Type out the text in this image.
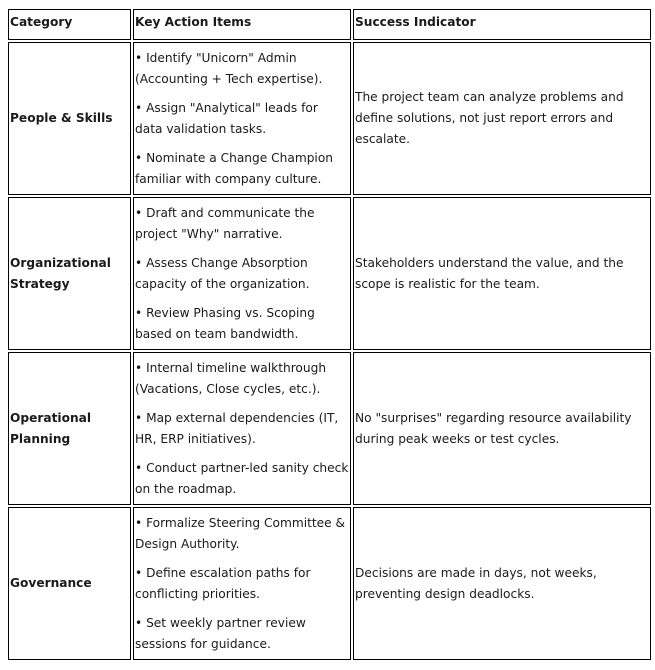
Category	Key Action Items	Success Indicator
People & Skills	• Identify "Unicorn" Admin (Accounting + Tech expertise).

• Assign "Analytical" leads for data validation tasks.

• Nominate a Change Champion familiar with company culture.	The project team can analyze problems and define solutions, not just report errors and escalate.
Organizational Strategy	• Draft and communicate the project "Why" narrative.

• Assess Change Absorption capacity of the organization.

• Review Phasing vs. Scoping based on team bandwidth.	Stakeholders understand the value, and the scope is realistic for the team.
Operational Planning	• Internal timeline walkthrough (Vacations, Close cycles, etc.).

• Map external dependencies (IT, HR, ERP initiatives).

• Conduct partner-led sanity check on the roadmap.	No "surprises" regarding resource availability during peak weeks or test cycles.
Governance	• Formalize Steering Committee & Design Authority.

• Define escalation paths for conflicting priorities.

• Set weekly partner review sessions for guidance.	Decisions are made in days, not weeks, preventing design deadlocks.
